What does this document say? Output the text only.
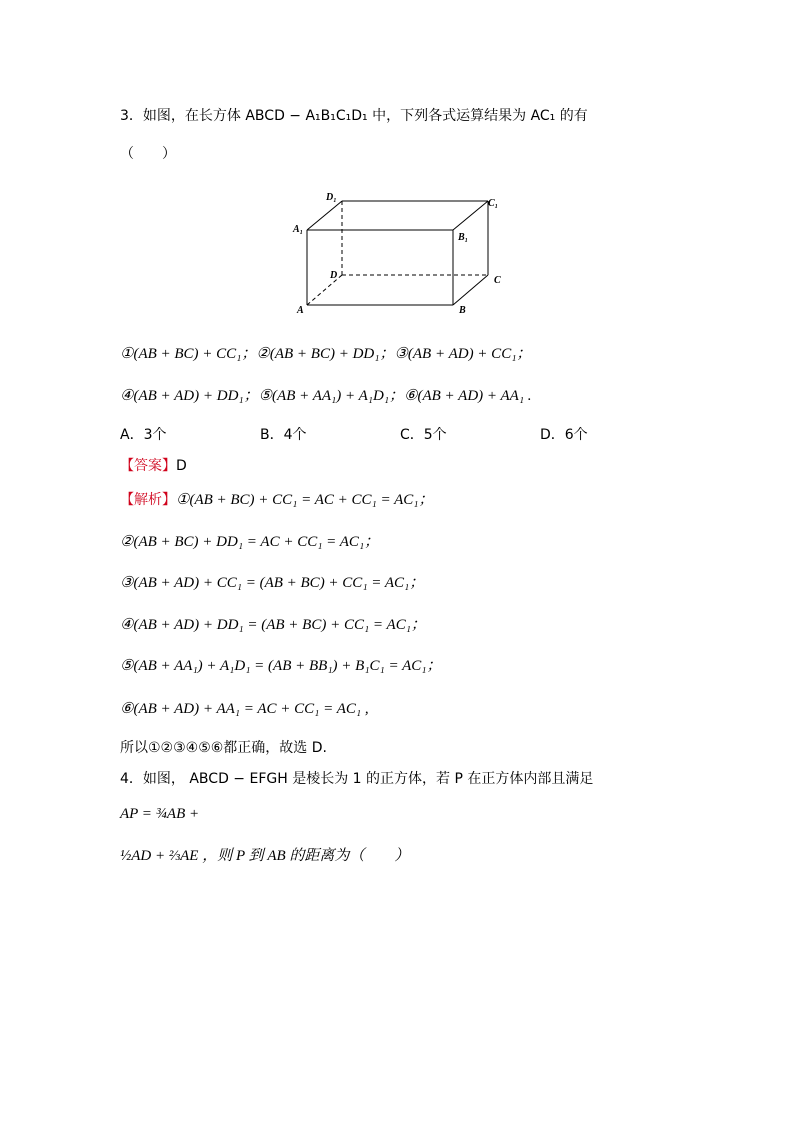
3．如图，在长方体 ABCD − A₁B₁C₁D₁ 中，下列各式运算结果为 AC₁ 的有
（　　）
A₁
D₁
C₁
B₁
D	C
A	B
①(AB + BC) + CC₁；②(AB + BC) + DD₁；③(AB + AD) + CC₁；
④(AB + AD) + DD₁；⑤(AB + AA₁) + A₁D₁；⑥(AB + AD) + AA₁ .
A．3个	B．4个	C．5个	D．6个
【答案】D
【解析】①(AB + BC) + CC₁ = AC + CC₁ = AC₁；
②(AB + BC) + DD₁ = AC + CC₁ = AC₁；
③(AB + AD) + CC₁ = (AB + BC) + CC₁ = AC₁；
④(AB + AD) + DD₁ = (AB + BC) + CC₁ = AC₁；
⑤(AB + AA₁) + A₁D₁ = (AB + BB₁) + B₁C₁ = AC₁；
⑥(AB + AD) + AA₁ = AC + CC₁ = AC₁ ,
所以①②③④⑤⑥都正确，故选 D.
4．如图， ABCD − EFGH 是棱长为 1 的正方体，若 P 在正方体内部且满足
AP = ¾AB +
½AD + ⅔AE ，则 P 到 AB 的距离为（　　）
